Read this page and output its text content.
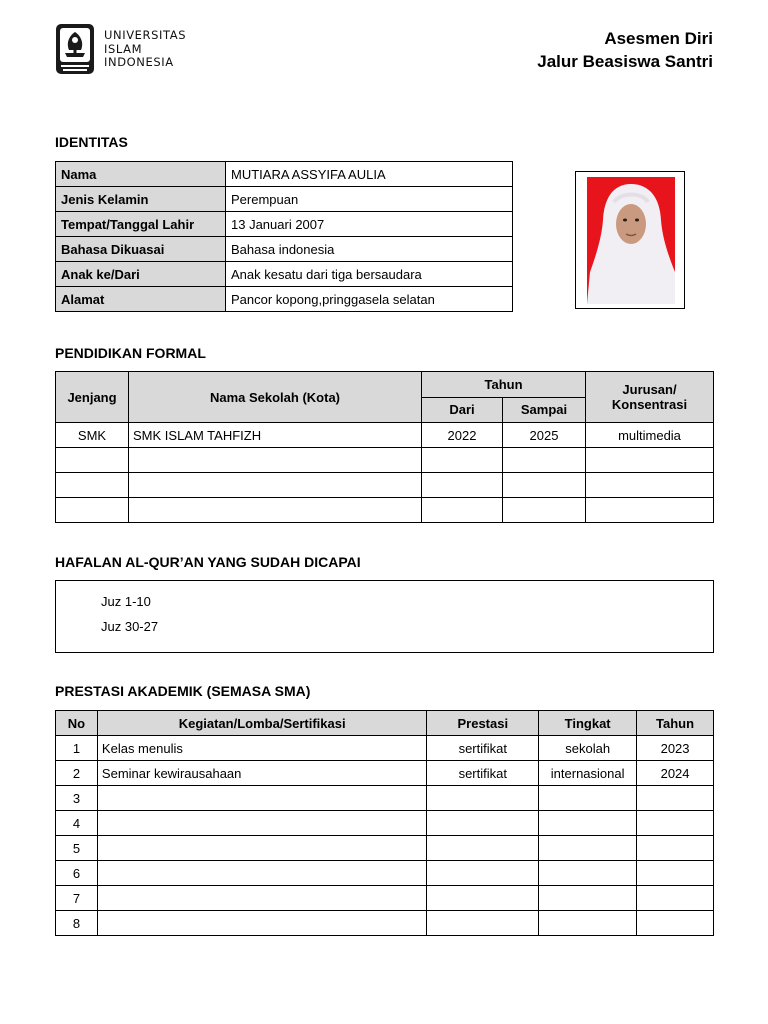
UNIVERSITAS
ISLAM
INDONESIA
Asesmen Diri
Jalur Beasiswa Santri
IDENTITAS
Nama	MUTIARA ASSYIFA AULIA
Jenis Kelamin	Perempuan
Tempat/Tanggal Lahir	13 Januari 2007
Bahasa Dikuasai	Bahasa indonesia
Anak ke/Dari	Anak kesatu dari tiga bersaudara
Alamat	Pancor kopong,pringgasela selatan
PENDIDIKAN FORMAL
Jenjang	Nama Sekolah (Kota)	Tahun		Jurusan/ Konsentrasi
		Dari	Sampai	
SMK	SMK ISLAM TAHFIZH	2022	2025	multimedia

HAFALAN AL-QUR’AN YANG SUDAH DICAPAI
Juz 1-10
Juz 30-27
PRESTASI AKADEMIK (SEMASA SMA)
No	Kegiatan/Lomba/Sertifikasi	Prestasi	Tingkat	Tahun
1	Kelas menulis	sertifikat	sekolah	2023
2	Seminar kewirausahaan	sertifikat	internasional	2024
3				
4				
5				
6				
7				
8				
